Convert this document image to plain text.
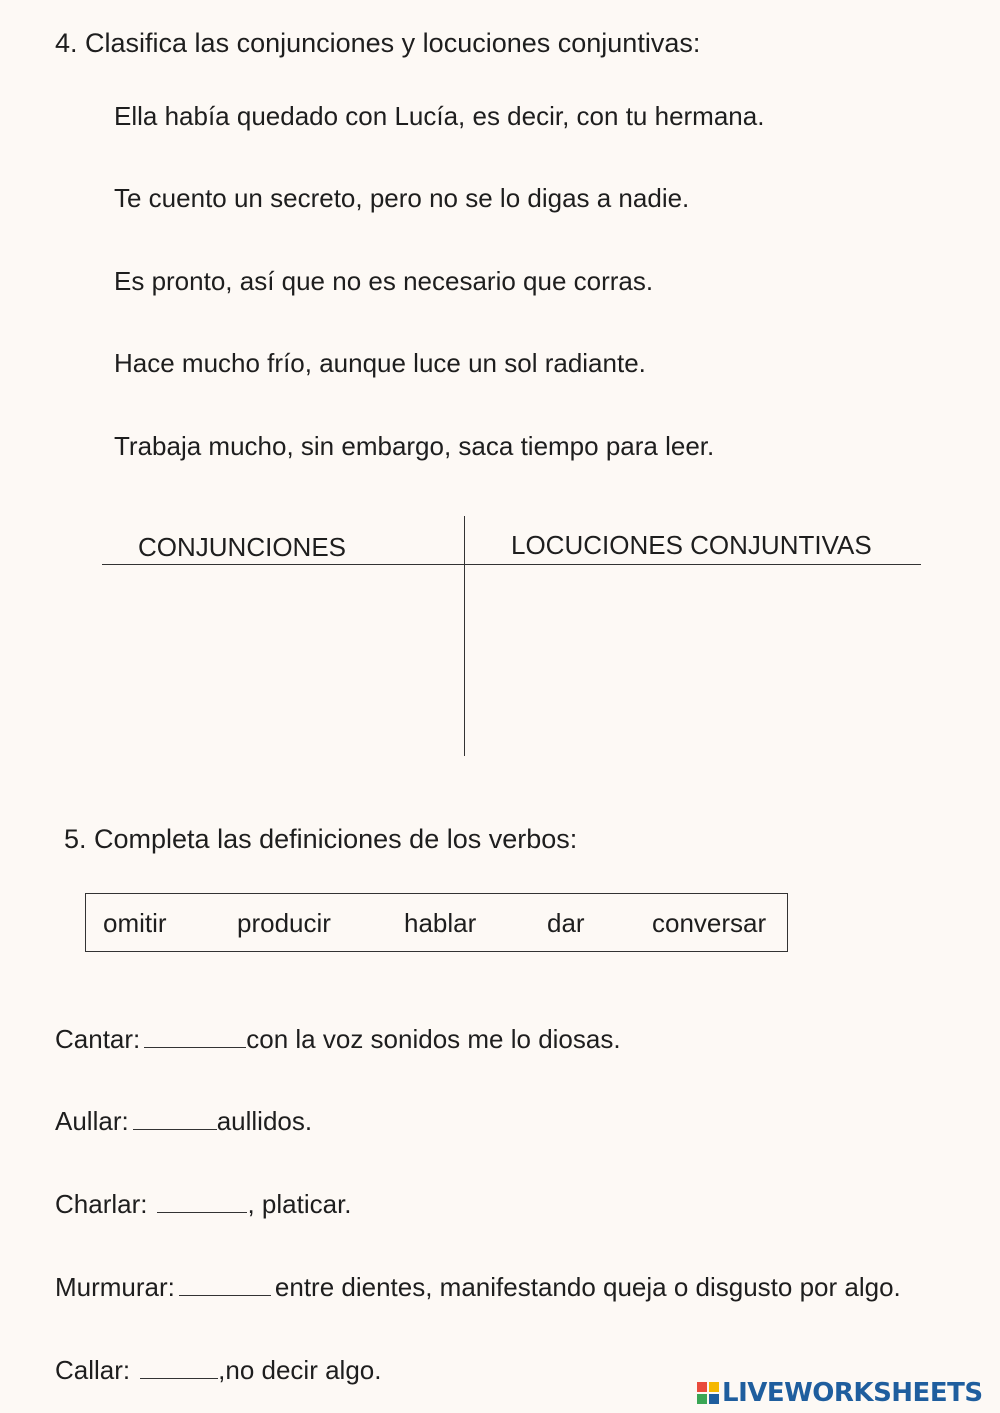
4. Clasifica las conjunciones y locuciones conjuntivas:
Ella había quedado con Lucía, es decir, con tu hermana.
Te cuento un secreto, pero no se lo digas a nadie.
Es pronto, así que no es necesario que corras.
Hace mucho frío, aunque luce un sol radiante.
Trabaja mucho, sin embargo, saca tiempo para leer.
CONJUNCIONES	LOCUCIONES CONJUNTIVAS
5. Completa las definiciones de los verbos:
omitir	producir	hablar	dar	conversar
Cantar:	con la voz sonidos me lo diosas.
Aullar:	aullidos.
Charlar:	, platicar.
Murmurar:	entre dientes, manifestando queja o disgusto por algo.
Callar:	,no decir algo.
LIVEWORKSHEETS
